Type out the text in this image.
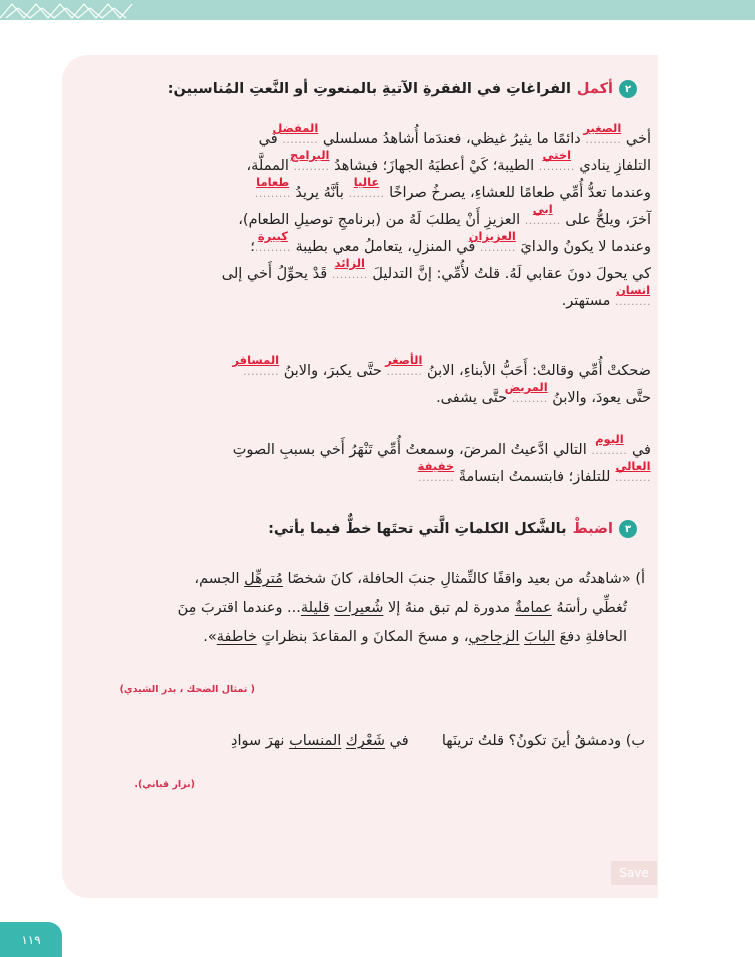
٢
أكمل
الفراغاتِ في الفقرةِ الآتيةِ بالمنعوتِ أو النَّعتِ المُناسبين:
أخي .........
الصغير
دائمًا ما يثيرُ غيظي، فعندَما أُشاهدُ مسلسلي .........
المفضل
في
التلفازِ ينادي .........
اختي
الطيبة؛ كَيْ أعطيَهُ الجهازَ؛ فيشاهدُ .........
البرامج
المملَّة،
وعندما تعدُّ أُمِّي طعامًا للعشاءِ، يصرخُ صراخًا .........
عاليا
بأنَّهُ يريدُ .........
طعاما
آخرَ، ويلحُّ على .........
ابي
العزيزِ أَنْ يطلبَ لَهُ من (برنامجِ توصيلِ الطعام)،
وعندما لا يكونُ والدايَ .........
العزيزان
في المنزلِ، يتعاملُ معي بطيبة .........
كبيرة
؛
كي يحولَ دونَ عقابي لَهُ. قلتُ لأُمِّي: إنَّ التدليلَ .........
الزائد
قَدْ يحوِّلُ أَخي إلى
.........
انسان
مستهتر.
ضحكتْ أُمِّي وقالتْ: أَحَبُّ الأبناءِ، الابنُ .........
الأصغر
حتَّى يكبرَ، والابنُ .........
المسافر
حتَّى يعودَ، والابنُ .........
المريض
حتَّى يشفى.
في .........
اليوم
التالي ادَّعيتُ المرضَ، وسمعتُ أُمِّي تَنْهَرُ أَخي بسببِ الصوتِ
.........
العالي
للتلفاز؛ فابتسمتُ ابتسامةً .........
خفيفة
٣
اضبطْ
بالشَّكل الكلماتِ الَّتي تحتَها خطٌّ فيما يأتي:
أ) «شاهدتُه من بعيد واقفًا كالتِّمثالِ جنبَ الحافلة، كانَ شخصًا مُترهِّل الجسم،
تُغطِّي رأسَهُ عمامةٌ مدورة لم تبق منهُ إلا شُعيرات قليلة... وعندما اقتربَ مِنَ
الحافلةِ دفعَ البابَ الزجاجي، و مسحَ المكانَ و المقاعدَ بنظراتٍ خاطفة».
( تمثال الضحك ، بدر الشيدي)
ب) ودمشقُ أينَ تكونُ؟ قلتُ ترينَها  في شَعْرك المنساب نهرَ سوادِ
(نزار قباني).
Save
١١٩
